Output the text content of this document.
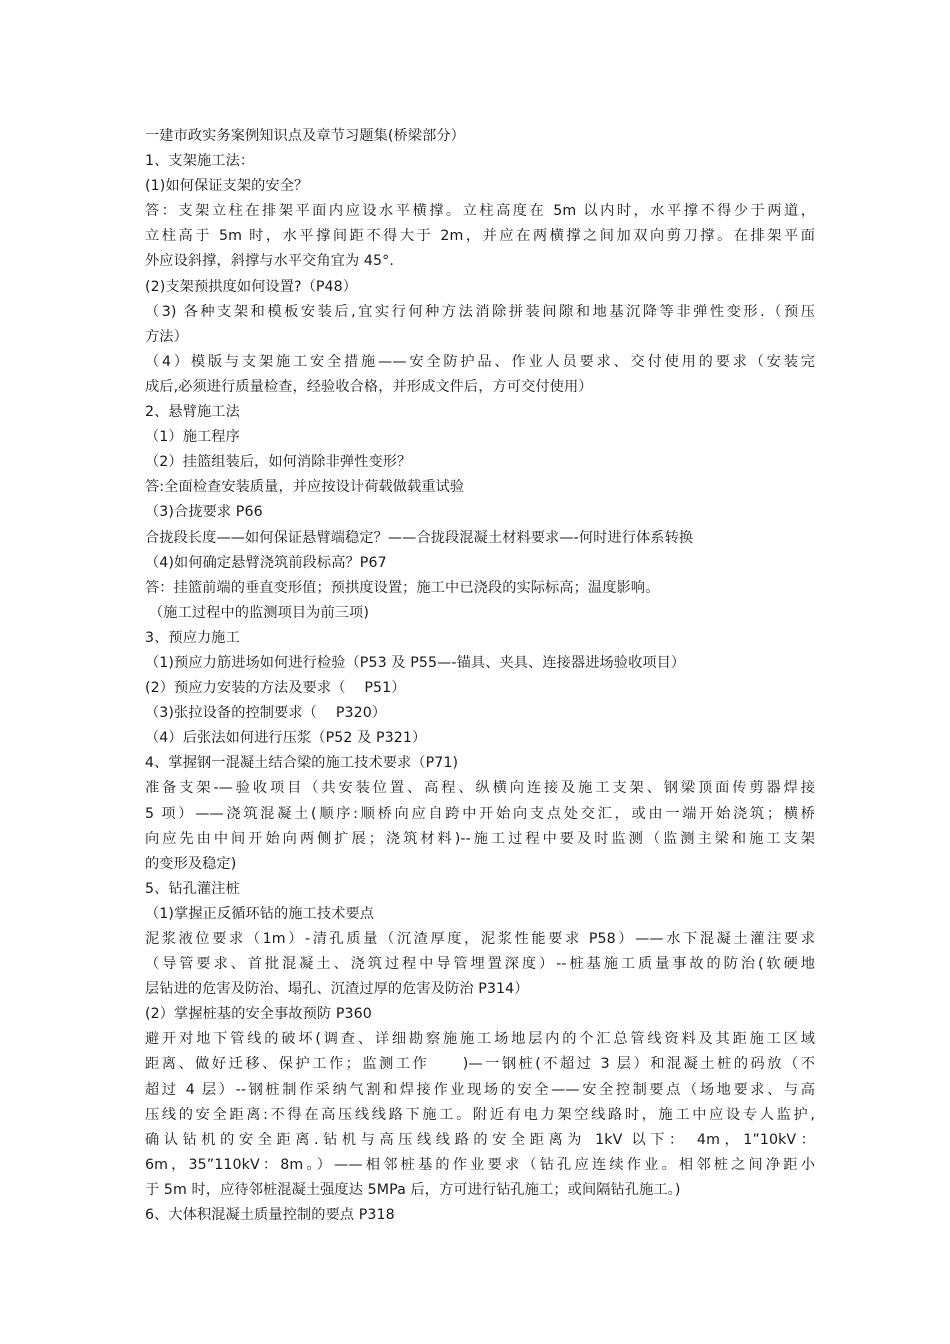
一建市政实务案例知识点及章节习题集(桥梁部分）
1、支架施工法：
(1)如何保证支架的安全？
答：支架立柱在排架平面内应设水平横撑。立柱高度在 5m 以内时，水平撑不得少于两道，
立柱高于 5m 时，水平撑间距不得大于 2m，并应在两横撑之间加双向剪刀撑。在排架平面
外应设斜撑，斜撑与水平交角宜为 45°.
(2)支架预拱度如何设置?（P48）
（3) 各种支架和模板安装后,宜实行何种方法消除拼装间隙和地基沉降等非弹性变形.（预压
方法）
（4）模版与支架施工安全措施——安全防护品、作业人员要求、交付使用的要求（安装完
成后,必须进行质量检查，经验收合格，并形成文件后，方可交付使用）
2、悬臂施工法
（1）施工程序
（2）挂篮组装后，如何消除非弹性变形？
答:全面检查安装质量，并应按设计荷载做载重试验
（3)合拢要求 P66
合拢段长度——如何保证悬臂端稳定？——合拢段混凝土材料要求—-何时进行体系转换
（4)如何确定悬臂浇筑前段标高？P67
答：挂篮前端的垂直变形值；预拱度设置；施工中已浇段的实际标高；温度影响。
（施工过程中的监测项目为前三项)
3、预应力施工
（1)预应力筋进场如何进行检验（P53 及 P55—-锚具、夹具、连接器进场验收项目）
(2）预应力安装的方法及要求（　 P51）
（3)张拉设备的控制要求（　 P320）
（4）后张法如何进行压浆（P52 及 P321）
4、掌握钢一混凝土结合梁的施工技术要求（P71)
准备支架-—验收项目（共安装位置、高程、纵横向连接及施工支架、钢梁顶面传剪器焊接
5 项）——浇筑混凝土(顺序:顺桥向应自跨中开始向支点处交汇，或由一端开始浇筑；横桥
向应先由中间开始向两侧扩展；浇筑材料)--施工过程中要及时监测（监测主梁和施工支架
的变形及稳定)
5、钻孔灌注桩
（1)掌握正反循环钻的施工技术要点
泥浆液位要求（1m）-清孔质量（沉渣厚度，泥浆性能要求 P58）——水下混凝土灌注要求
（导管要求、首批混凝土、浇筑过程中导管埋置深度）--桩基施工质量事故的防治(软硬地
层钻进的危害及防治、塌孔、沉渣过厚的危害及防治 P314）
(2）掌握桩基的安全事故预防 P360
避开对地下管线的破坏(调查、详细勘察施施工场地层内的个汇总管线资料及其距施工区域
距离、做好迁移、保护工作；监测工作　　)—一钢桩(不超过 3 层）和混凝土桩的码放（不
超过 4 层）--钢桩制作采纳气割和焊接作业现场的安全——安全控制要点（场地要求、与高
压线的安全距离:不得在高压线线路下施工。附近有电力架空线路时，施工中应设专人监护,
确认钻机的安全距离.钻机与高压线线路的安全距离为 1kV 以下： 4m，1”10kV：
6m，35”110kV：8m。）——相邻桩基的作业要求（钻孔应连续作业。相邻桩之间净距小
于 5m 时，应待邻桩混凝土强度达 5MPa 后，方可进行钻孔施工；或间隔钻孔施工。)
6、大体积混凝土质量控制的要点 P318
